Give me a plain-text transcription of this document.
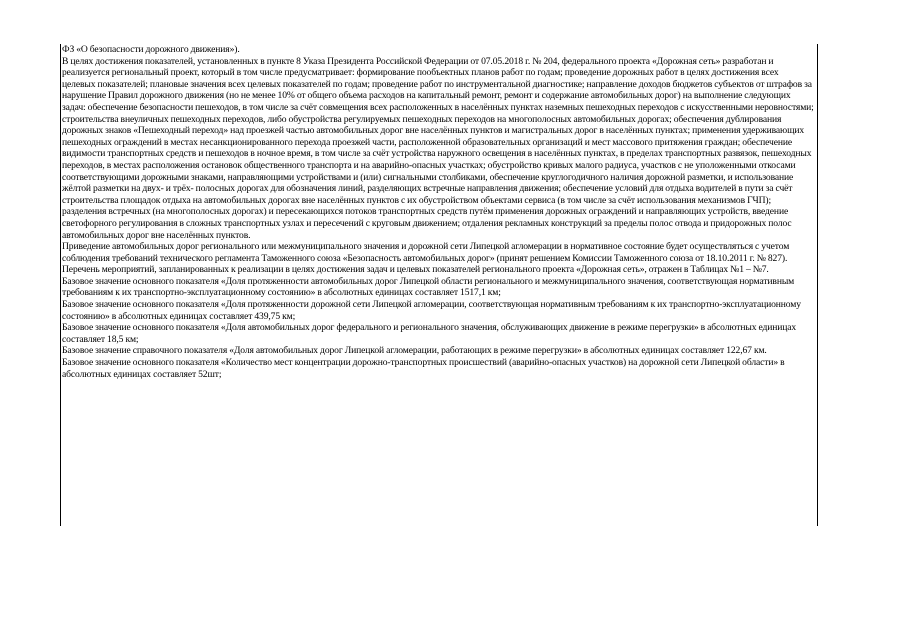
ФЗ «О безопасности дорожного движения»).

В целях достижения показателей, установленных в пункте 8 Указа Президента Российской Федерации от 07.05.2018 г. № 204, федерального проекта «Дорожная сеть» разработан и реализуется региональный проект, который в том числе предусматривает: формирование пообъектных планов работ по годам; проведение дорожных работ в целях достижения всех целевых показателей; плановые значения всех целевых показателей по годам; проведение работ по инструментальной диагностике; направление доходов бюджетов субъектов от штрафов за нарушение Правил дорожного движения (но не менее 10% от общего объема расходов на капитальный ремонт, ремонт и содержание автомобильных дорог) на выполнение следующих задач: обеспечение безопасности пешеходов, в том числе за счёт совмещения всех расположенных в населённых пунктах наземных пешеходных переходов с искусственными неровностями; строительства внеуличных пешеходных переходов, либо обустройства регулируемых пешеходных переходов на многополосных автомобильных дорогах; обеспечения дублирования дорожных знаков «Пешеходный переход» над проезжей частью автомобильных дорог вне населённых пунктов и магистральных дорог в населённых пунктах; применения удерживающих пешеходных ограждений в местах несанкционированного перехода проезжей части, расположенной образовательных организаций и мест массового притяжения граждан; обеспечение видимости транспортных средств и пешеходов в ночное время, в том числе за счёт устройства наружного освещения в населённых пунктах, в пределах транспортных развязок, пешеходных переходов, в местах расположения остановок общественного транспорта и на аварийно-опасных участках; обустройство кривых малого радиуса, участков с не уположенными откосами соответствующими дорожными знаками, направляющими устройствами и (или) сигнальными столбиками, обеспечение круглогодичного наличия дорожной разметки, и использование жёлтой разметки на двух- и трёх- полосных дорогах для обозначения линий, разделяющих встречные направления движения; обеспечение условий для отдыха водителей в пути за счёт строительства площадок отдыха на автомобильных дорогах вне населённых пунктов с их обустройством объектами сервиса (в том числе за счёт использования механизмов ГЧП); разделения встречных (на многополосных дорогах) и пересекающихся потоков транспортных средств путём применения дорожных ограждений и направляющих устройств, введение светофорного регулирования в сложных транспортных узлах и пересечений с круговым движением; отдаления рекламных конструкций за пределы полос отвода и придорожных полос автомобильных дорог вне населённых пунктов.

Приведение автомобильных дорог регионального или межмуниципального значения и дорожной сети Липецкой агломерации в нормативное состояние будет осуществляться с учетом соблюдения требований технического регламента Таможенного союза «Безопасность автомобильных дорог» (принят решением Комиссии Таможенного союза от 18.10.2011 г. № 827).

Перечень мероприятий, запланированных к реализации в целях достижения задач и целевых показателей регионального проекта «Дорожная сеть», отражен в Таблицах №1 – №7.

Базовое значение основного показателя «Доля протяженности автомобильных дорог Липецкой области регионального и межмуниципального значения, соответствующая нормативным требованиям к их транспортно-эксплуатационному состоянию» в абсолютных единицах составляет 1517,1 км;

Базовое значение основного показателя «Доля протяженности дорожной сети Липецкой агломерации, соответствующая нормативным требованиям к их транспортно-эксплуатационному состоянию» в абсолютных единицах составляет 439,75 км;

Базовое значение основного показателя «Доля автомобильных дорог федерального и регионального значения, обслуживающих движение в режиме перегрузки» в абсолютных единицах составляет 18,5 км;

Базовое значение справочного показателя «Доля автомобильных дорог Липецкой агломерации, работающих в режиме перегрузки» в абсолютных единицах составляет 122,67 км.

Базовое значение основного показателя «Количество мест концентрации дорожно-транспортных происшествий (аварийно-опасных участков) на дорожной сети Липецкой области» в абсолютных единицах составляет 52шт;
